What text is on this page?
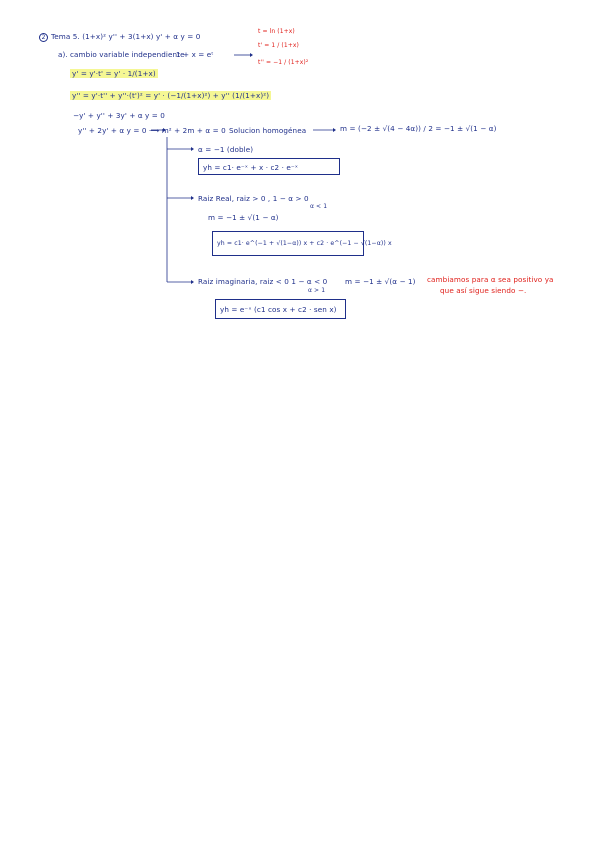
2 Tema 5. (1+x)² y'' + 3(1+x) y' + α y = 0
a). cambio variable independiente
1 + x = eᵗ
t = ln (1+x)
t' = 1 / (1+x)
t'' = −1 / (1+x)²
y' = y'·t' = y' · 1/(1+x)
y'' = y'·t'' + y''·(t')² = y' · (−1/(1+x)²) + y'' (1/(1+x)²)
−y' + y'' + 3y' + α y = 0
y'' + 2y' + α y = 0 ⟶ m² + 2m + α = 0 Solucion homogénea	m = (−2 ± √(4 − 4α)) / 2 = −1 ± √(1 − α)
α = −1 (doble)
yh = c1· e⁻ˣ + x · c2 · e⁻ˣ
Raiz Real, raiz > 0 , 1 − α > 0
α < 1
m = −1 ± √(1 − α)
yh = c1· e^(−1 + √(1−α)) x + c2 · e^(−1 − √(1−α)) x
Raiz imaginaria, raiz < 0 1 − α < 0
α > 1
m = −1 ± √(α − 1) cambiamos para α sea positivo ya
que así sigue siendo −.
yh = e⁻ˣ (c1 cos x + c2 · sen x)
